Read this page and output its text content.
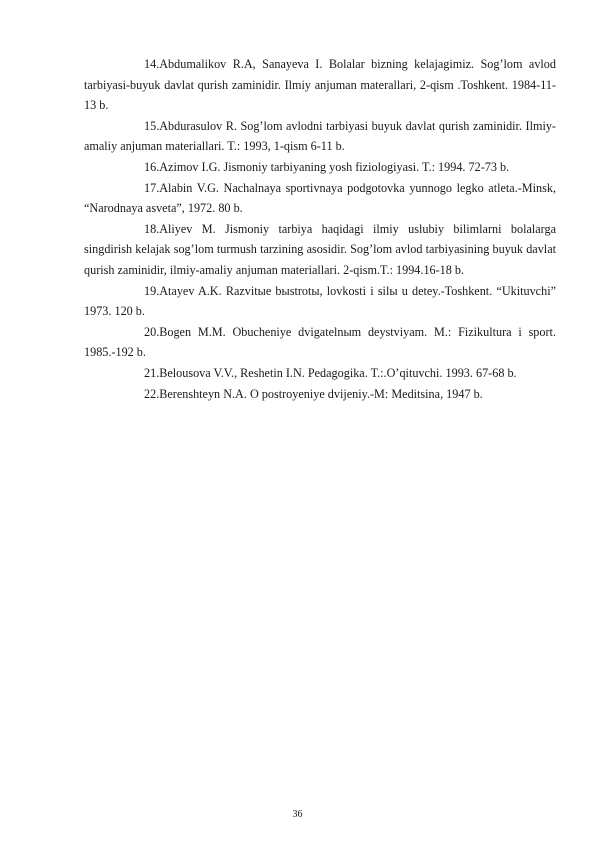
14.Abdumalikov R.A, Sanayeva I. Bolalar bizning kelajagimiz. Sog’lom avlod tarbiyasi-buyuk davlat qurish zaminidir. Ilmiy anjuman materallari, 2-qism .Toshkent. 1984-11-13 b.

15.Abdurasulov R. Sog’lom avlodni tarbiyasi buyuk davlat qurish zaminidir. Ilmiy-amaliy anjuman materiallari. T.: 1993, 1-qism 6-11 b.

16.Azimov I.G. Jismoniy tarbiyaning yosh fiziologiyasi. T.: 1994. 72-73 b.

17.Alabin V.G. Nachalnaya sportivnaya podgotovka yunnogo legko atleta.-Minsk, “Narodnaya asveta”, 1972. 80 b.

18.Aliyev M. Jismoniy tarbiya haqidagi ilmiy uslubiy bilimlarni bolalarga singdirish kelajak sog’lom turmush tarzining asosidir. Sog’lom avlod tarbiyasining buyuk davlat qurish zaminidir, ilmiy-amaliy anjuman materiallari. 2-qism.T.: 1994.16-18 b.

19.Atayev A.K. Razvitыe bыstrotы, lovkosti i silы u detey.-Toshkent. “Ukituvchi” 1973. 120 b.

20.Bogen M.M. Obucheniye dvigatelnыm deystviyam. M.: Fizikultura i sport. 1985.-192 b.

21.Belousova V.V., Reshetin I.N. Pedagogika. T.:.O’qituvchi. 1993. 67-68 b.

22.Berenshteyn N.A. O postroyeniye dvijeniy.-M: Meditsina, 1947 b.

36
